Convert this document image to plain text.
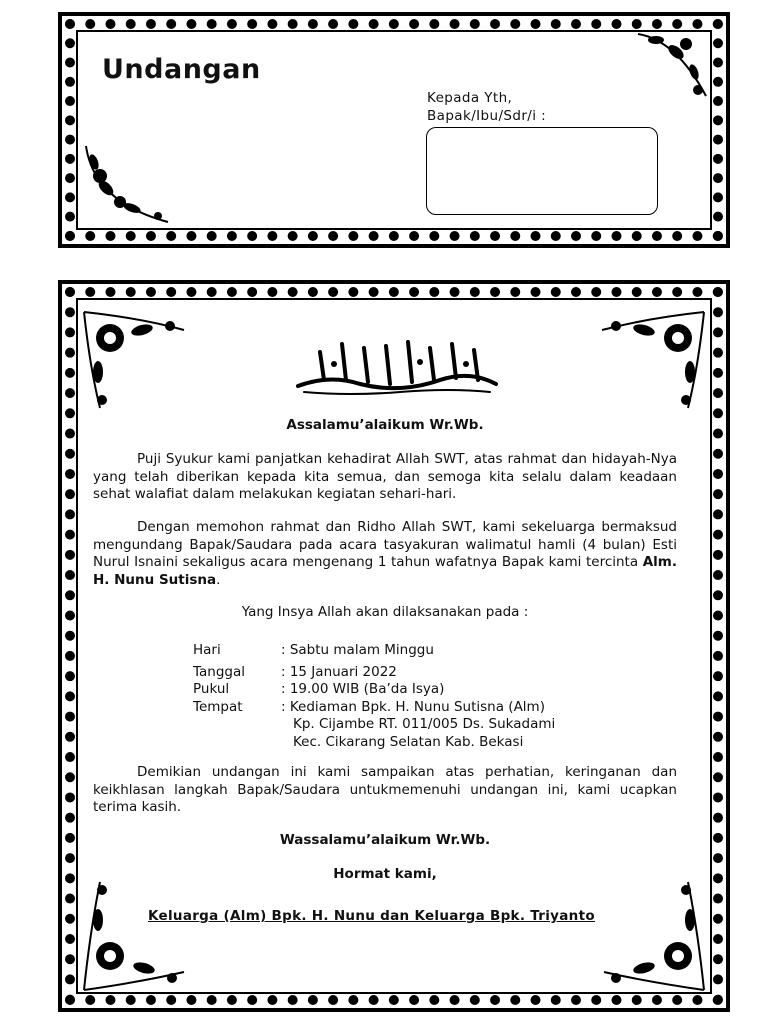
Undangan
Kepada Yth,
Bapak/Ibu/Sdr/i :
Assalamu’alaikum Wr.Wb.

Puji Syukur kami panjatkan kehadirat Allah SWT, atas rahmat dan hidayah-Nya yang telah diberikan kepada kita semua, dan semoga kita selalu dalam keadaan sehat walafiat dalam melakukan kegiatan sehari-hari.

Dengan memohon rahmat dan Ridho Allah SWT, kami sekeluarga bermaksud mengundang Bapak/Saudara pada acara tasyakuran walimatul hamli (4 bulan) Esti Nurul Isnaini sekaligus acara mengenang 1 tahun wafatnya Bapak kami tercinta Alm. H. Nunu Sutisna.

Yang Insya Allah akan dilaksanakan pada :
Hari	: Sabtu malam Minggu
Tanggal	: 15 Januari 2022
Pukul	: 19.00 WIB (Ba’da Isya)
Tempat	: Kediaman Bpk. H. Nunu Sutisna (Alm)
Kp. Cijambe RT. 011/005 Ds. Sukadami
Kec. Cikarang Selatan Kab. Bekasi

Demikian undangan ini kami sampaikan atas perhatian, keringanan dan keikhlasan langkah Bapak/Saudara untukmemenuhi undangan ini, kami ucapkan terima kasih.

Wassalamu’alaikum Wr.Wb.
Hormat kami,
Keluarga (Alm) Bpk. H. Nunu dan Keluarga Bpk. Triyanto
